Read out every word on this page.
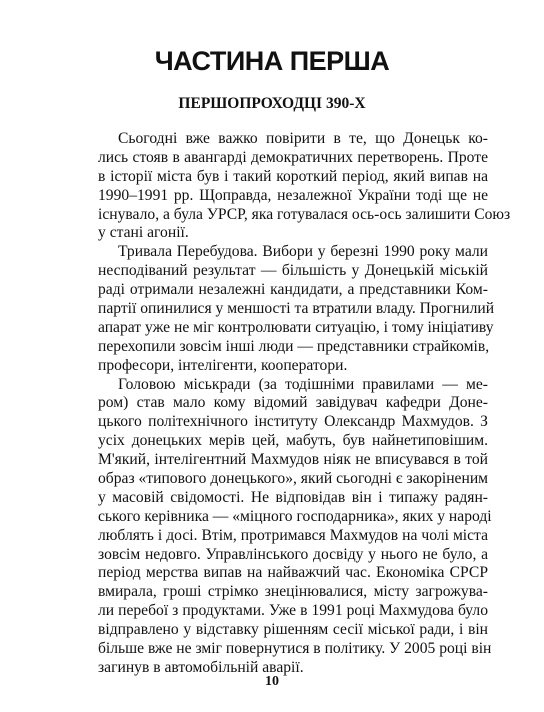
ЧАСТИНА ПЕРША
ПЕРШОПРОХОДЦІ 390-Х
Сьогодні вже важко повірити в те, що Донецьк ко-
лись стояв в авангарді демократичних перетворень. Проте
в історії міста був і такий короткий період, який випав на
1990–1991 рр. Щоправда, незалежної України тоді ще не
існувало, а була УРСР, яка готувалася ось-ось залишити Союз
у стані агонії.
Тривала Перебудова. Вибори у березні 1990 року мали
несподіваний результат — більшість у Донецькій міській
раді отримали незалежні кандидати, а представники Ком-
партії опинилися у меншості та втратили владу. Прогнилий
апарат уже не міг контролювати ситуацію, і тому ініціативу
перехопили зовсім інші люди — представники страйкомів,
професори, інтелігенти, кооператори.
Головою міськради (за тодішніми правилами — ме-
ром) став мало кому відомий завідувач кафедри Доне-
цького політехнічного інституту Олександр Махмудов. З
усіх донецьких мерів цей, мабуть, був найнетиповішим.
М'який, інтелігентний Махмудов ніяк не вписувався в той
образ «типового донецького», який сьогодні є закоріненим
у масовій свідомості. Не відповідав він і типажу радян-
ського керівника — «міцного господарника», яких у народі
люблять і досі. Втім, протримався Махмудов на чолі міста
зовсім недовго. Управлінського досвіду у нього не було, а
період мерства випав на найважчий час. Економіка СРСР
вмирала, гроші стрімко знецінювалися, місту загрожува-
ли перебої з продуктами. Уже в 1991 році Махмудова було
відправлено у відставку рішенням сесії міської ради, і він
більше вже не зміг повернутися в політику. У 2005 році він
загинув в автомобільній аварії.
10
